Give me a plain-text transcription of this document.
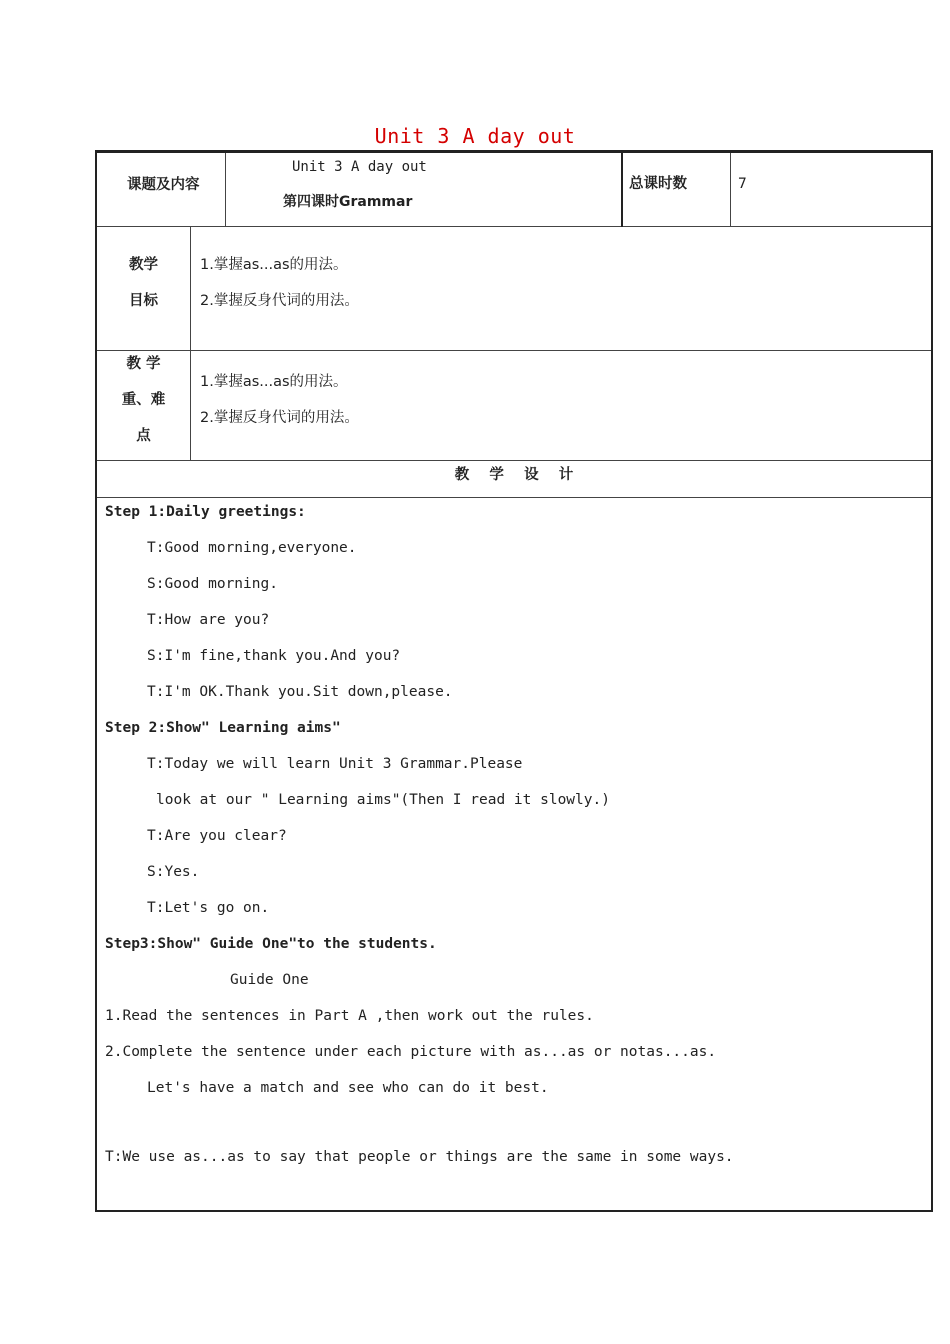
Unit 3 A day out
课题及内容
Unit 3 A day out
第四课时Grammar
总课时数	7
教学
目标
1.掌握as...as的用法。
2.掌握反身代词的用法。
教 学
重、难
点
1.掌握as...as的用法。
2.掌握反身代词的用法。
教    学    设    计
Step 1:Daily greetings:
T:Good morning,everyone.
S:Good morning.
T:How are you?
S:I'm fine,thank you.And you?
T:I'm OK.Thank you.Sit down,please.
Step 2:Show" Learning aims"
T:Today we will learn Unit 3 Grammar.Please
look at our " Learning aims"(Then I read it slowly.)
T:Are you clear?
S:Yes.
T:Let's go on.
Step3:Show" Guide One"to the students.
Guide One
1.Read the sentences in Part A ,then work out the rules.
2.Complete the sentence under each picture with as...as or notas...as.
Let's have a match and see who can do it best.
T:We use as...as to say that people or things are the same in some ways.
